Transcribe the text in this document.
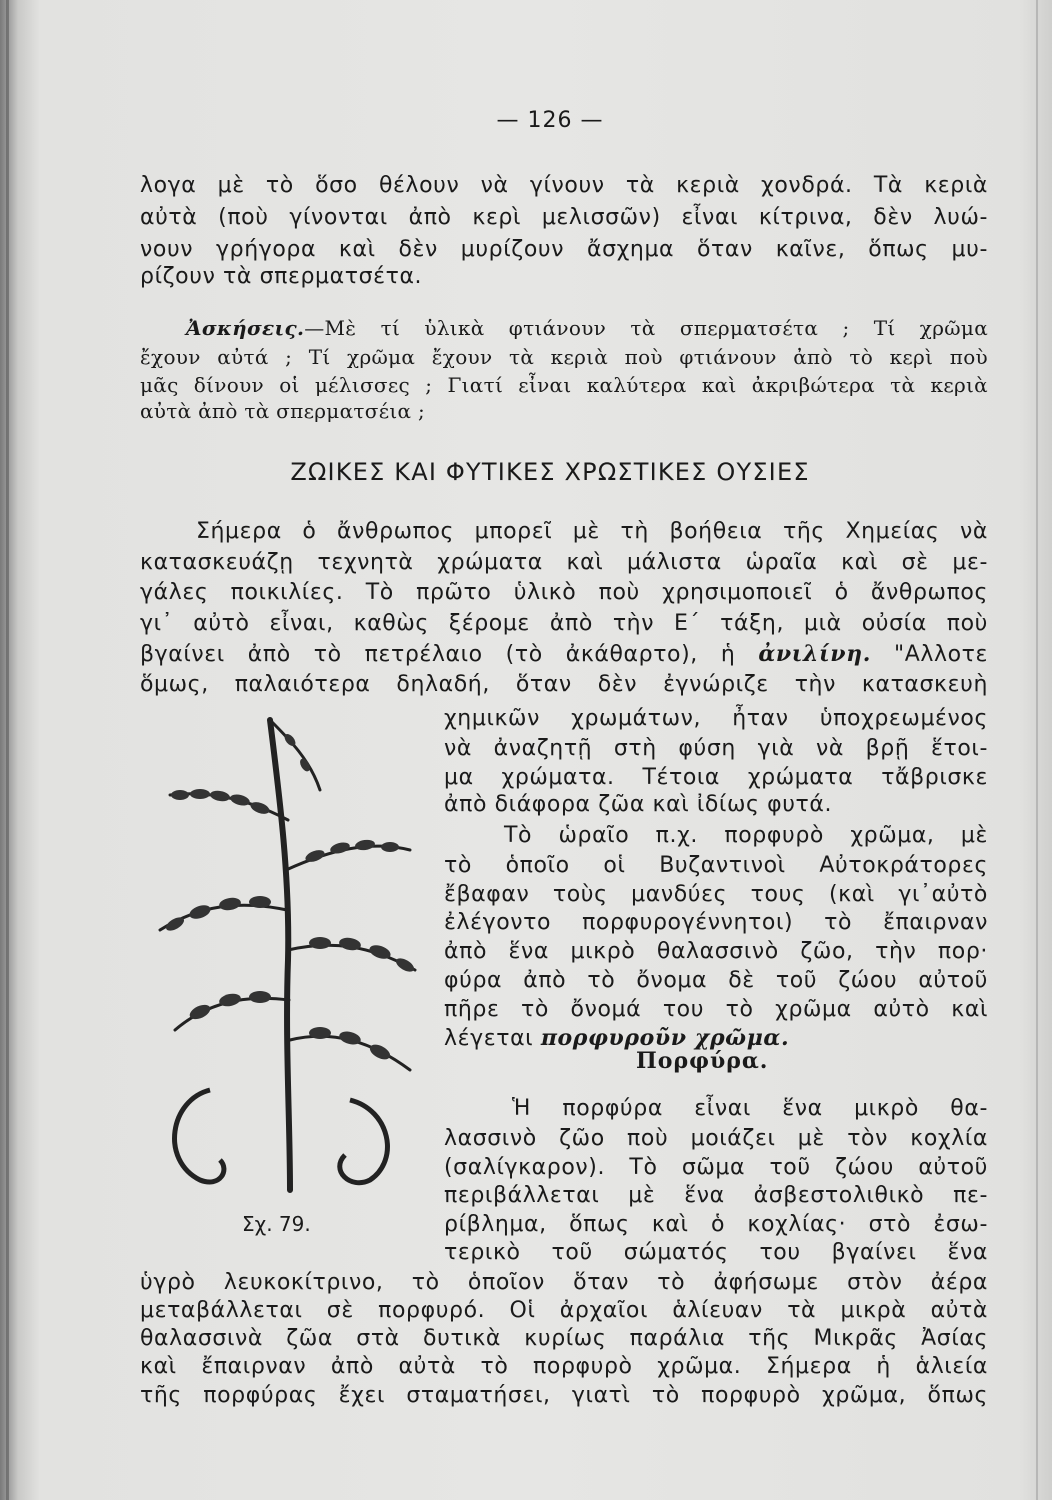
— 126 —
λογα μὲ τὸ ὅσο θέλουν νὰ γίνουν τὰ κεριὰ χονδρά. Τὰ κεριὰ
αὐτὰ (ποὺ γίνονται ἀπὸ κερὶ μελισσῶν) εἶναι κίτρινα, δὲν λυώ-
νουν γρήγορα καὶ δὲν μυρίζουν ἄσχημα ὅταν καῖνε, ὅπως μυ-
ρίζουν τὰ σπερματσέτα.
Ἀσκήσεις.—Μὲ τί ὑλικὰ φτιάνουν τὰ σπερματσέτα ; Τί χρῶμα
ἔχουν αὐτά ; Τί χρῶμα ἔχουν τὰ κεριὰ ποὺ φτιάνουν ἀπὸ τὸ κερὶ ποὺ
μᾶς δίνουν οἱ μέλισσες ; Γιατί εἶναι καλύτερα καὶ ἀκριβώτερα τὰ κεριὰ
αὐτὰ ἀπὸ τὰ σπερματσέια ;
ΖΩΙΚΕΣ ΚΑΙ ΦΥΤΙΚΕΣ ΧΡΩΣΤΙΚΕΣ ΟΥΣΙΕΣ
Σήμερα ὁ ἄνθρωπος μπορεῖ μὲ τὴ βοήθεια τῆς Χημείας νὰ
κατασκευάζῃ τεχνητὰ χρώματα καὶ μάλιστα ὡραῖα καὶ σὲ με-
γάλες ποικιλίες. Τὸ πρῶτο ὑλικὸ ποὺ χρησιμοποιεῖ ὁ ἄνθρωπος
γι᾿ αὐτὸ εἶναι, καθὼς ξέρομε ἀπὸ τὴν Ε´ τάξη, μιὰ οὐσία ποὺ
βγαίνει ἀπὸ τὸ πετρέλαιο (τὸ ἀκάθαρτο), ἡ ἀνιλίνη. "Αλλοτε
ὅμως, παλαιότερα δηλαδή, ὅταν δὲν ἐγνώριζε τὴν κατασκευὴ
Σχ. 79.
χημικῶν χρωμάτων, ἦταν ὑποχρεωμένος
νὰ ἀναζητῇ στὴ φύση γιὰ νὰ βρῇ ἕτοι-
μα χρώματα. Τέτοια χρώματα τἄβρισκε
ἀπὸ διάφορα ζῶα καὶ ἰδίως φυτά.
Τὸ ὡραῖο π.χ. πορφυρὸ χρῶμα, μὲ
τὸ ὁποῖο οἱ Βυζαντινοὶ Αὐτοκράτορες
ἔβαφαν τοὺς μανδύες τους (καὶ γι᾿αὐτὸ
ἐλέγοντο πορφυρογέννητοι) τὸ ἔπαιρναν
ἀπὸ ἕνα μικρὸ θαλασσινὸ ζῶο, τὴν πορ·
φύρα ἀπὸ τὸ ὄνομα δὲ τοῦ ζώου αὐτοῦ
πῆρε τὸ ὄνομά του τὸ χρῶμα αὐτὸ καὶ
λέγεται πορφυροῦν χρῶμα.
Πορφύρα.
Ἡ πορφύρα εἶναι ἕνα μικρὸ θα-
λασσινὸ ζῶο ποὺ μοιάζει μὲ τὸν κοχλία
(σαλίγκαρον). Τὸ σῶμα τοῦ ζώου αὐτοῦ
περιβάλλεται μὲ ἕνα ἀσβεστολιθικὸ πε-
ρίβλημα, ὅπως καὶ ὁ κοχλίας· στὸ ἐσω-
τερικὸ τοῦ σώματός του βγαίνει ἕνα
ὑγρὸ λευκοκίτρινο, τὸ ὁποῖον ὅταν τὸ ἀφήσωμε στὸν ἀέρα
μεταβάλλεται σὲ πορφυρό. Οἱ ἀρχαῖοι ἁλίευαν τὰ μικρὰ αὐτὰ
θαλασσινὰ ζῶα στὰ δυτικὰ κυρίως παράλια τῆς Μικρᾶς Ἀσίας
καὶ ἔπαιρναν ἀπὸ αὐτὰ τὸ πορφυρὸ χρῶμα. Σήμερα ἡ ἁλιεία
τῆς πορφύρας ἔχει σταματήσει, γιατὶ τὸ πορφυρὸ χρῶμα, ὅπως
